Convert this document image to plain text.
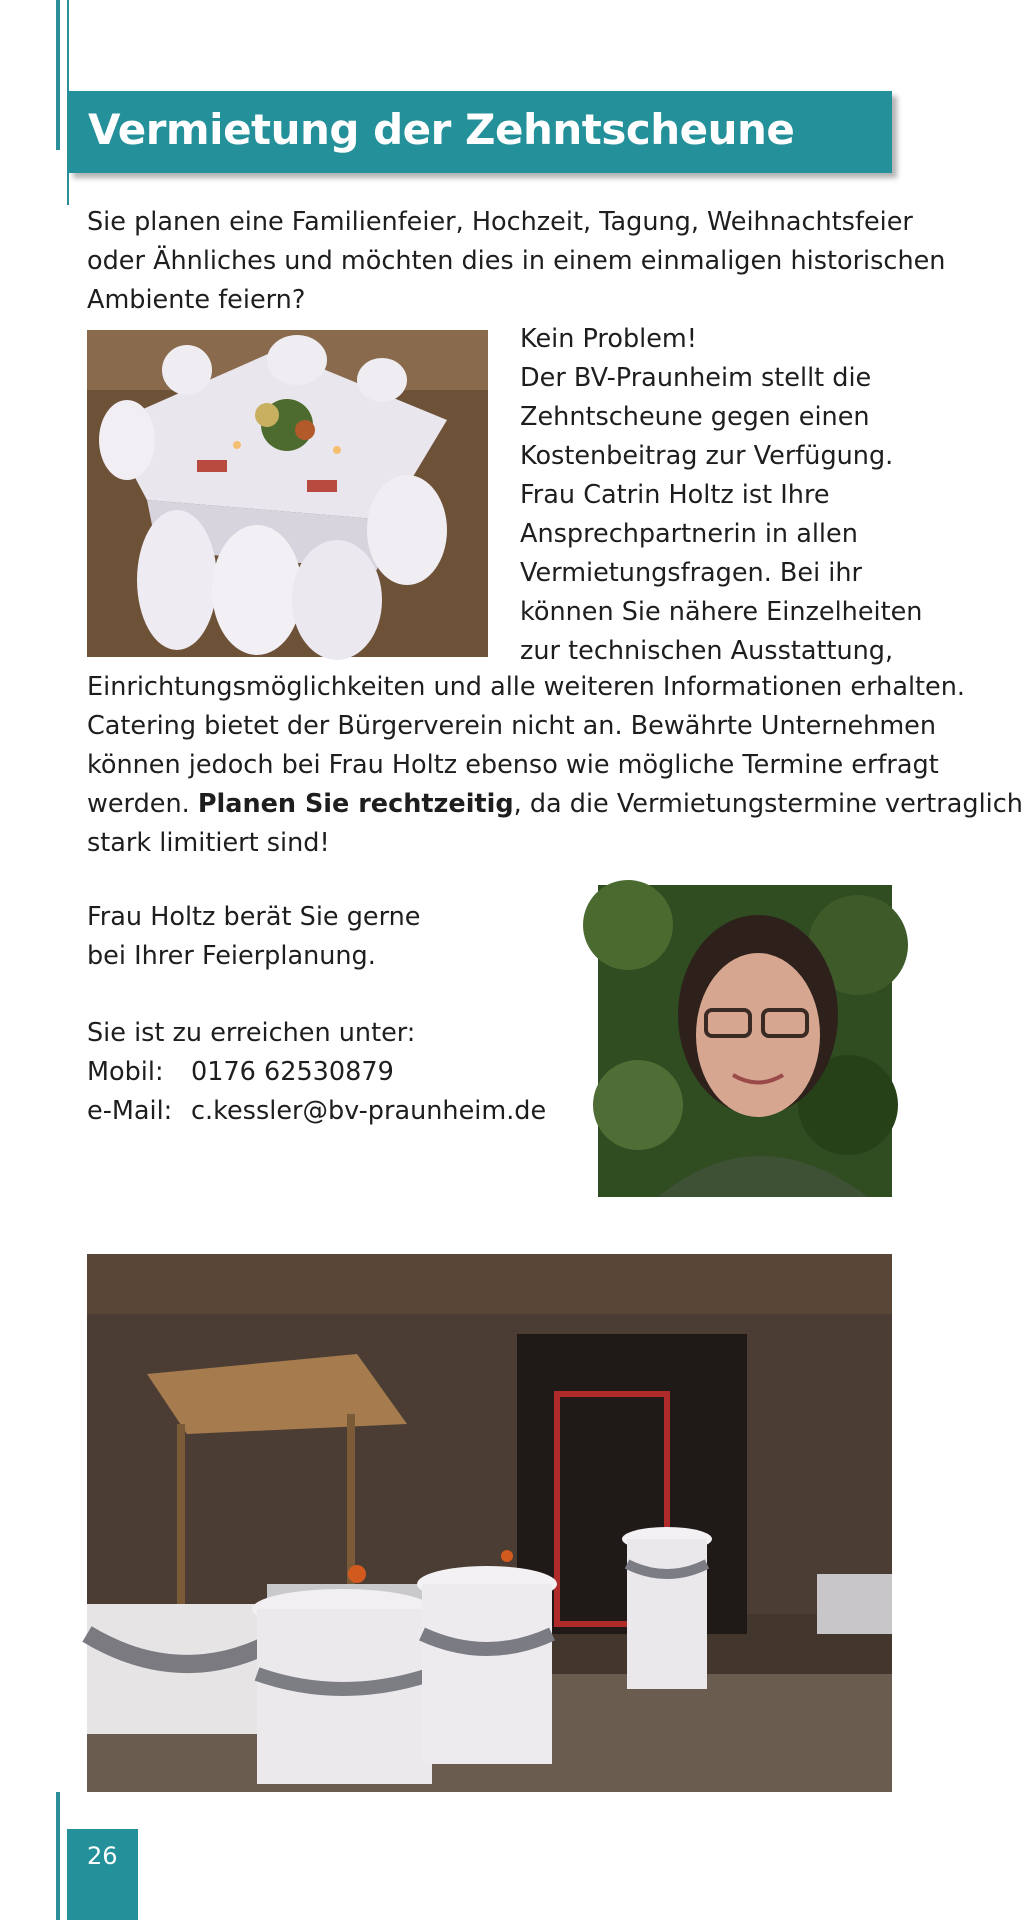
Vermietung der Zehntscheune
Sie planen eine Familienfeier, Hochzeit, Tagung, Weihnachtsfeier
oder Ähnliches und möchten dies in einem einmaligen historischen
Ambiente feiern?
Kein Problem!
Der BV-Praunheim stellt die
Zehntscheune gegen einen
Kostenbeitrag zur Verfügung.
Frau Catrin Holtz ist Ihre
Ansprechpartnerin in allen
Vermietungsfragen. Bei ihr
können Sie nähere Einzelheiten
zur technischen Ausstattung,
Einrichtungsmöglichkeiten und alle weiteren Informationen erhalten.
Catering bietet der Bürgerverein nicht an. Bewährte Unternehmen
können jedoch bei Frau Holtz ebenso wie mögliche Termine erfragt
werden. Planen Sie rechtzeitig, da die Vermietungstermine vertraglich
stark limitiert sind!
Frau Holtz berät Sie gerne
bei Ihrer Feierplanung.
Sie ist zu erreichen unter:
Mobil:	0176 62530879
e-Mail: c.kessler@bv-praunheim.de
26
